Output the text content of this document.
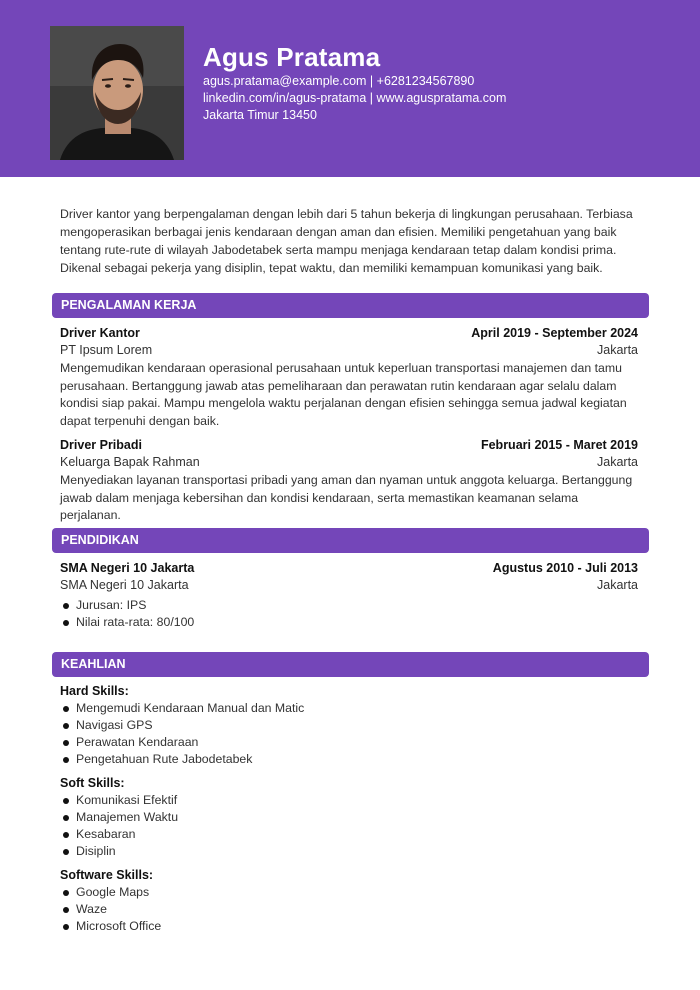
Agus Pratama
agus.pratama@example.com | +6281234567890
linkedin.com/in/agus-pratama | www.aguspratama.com
Jakarta Timur 13450
Driver kantor yang berpengalaman dengan lebih dari 5 tahun bekerja di lingkungan perusahaan. Terbiasa mengoperasikan berbagai jenis kendaraan dengan aman dan efisien. Memiliki pengetahuan yang baik tentang rute-rute di wilayah Jabodetabek serta mampu menjaga kendaraan tetap dalam kondisi prima. Dikenal sebagai pekerja yang disiplin, tepat waktu, dan memiliki kemampuan komunikasi yang baik.
PENGALAMAN KERJA
Driver Kantor	April 2019 - September 2024
PT Ipsum Lorem	Jakarta
Mengemudikan kendaraan operasional perusahaan untuk keperluan transportasi manajemen dan tamu perusahaan. Bertanggung jawab atas pemeliharaan dan perawatan rutin kendaraan agar selalu dalam kondisi siap pakai. Mampu mengelola waktu perjalanan dengan efisien sehingga semua jadwal kegiatan dapat terpenuhi dengan baik.
Driver Pribadi	Februari 2015 - Maret 2019
Keluarga Bapak Rahman	Jakarta
Menyediakan layanan transportasi pribadi yang aman dan nyaman untuk anggota keluarga. Bertanggung jawab dalam menjaga kebersihan dan kondisi kendaraan, serta memastikan keamanan selama perjalanan.
PENDIDIKAN
SMA Negeri 10 Jakarta	Agustus 2010 - Juli 2013
SMA Negeri 10 Jakarta	Jakarta
Jurusan: IPS
Nilai rata-rata: 80/100
KEAHLIAN
Hard Skills:
Mengemudi Kendaraan Manual dan Matic
Navigasi GPS
Perawatan Kendaraan
Pengetahuan Rute Jabodetabek
Soft Skills:
Komunikasi Efektif
Manajemen Waktu
Kesabaran
Disiplin
Software Skills:
Google Maps
Waze
Microsoft Office
